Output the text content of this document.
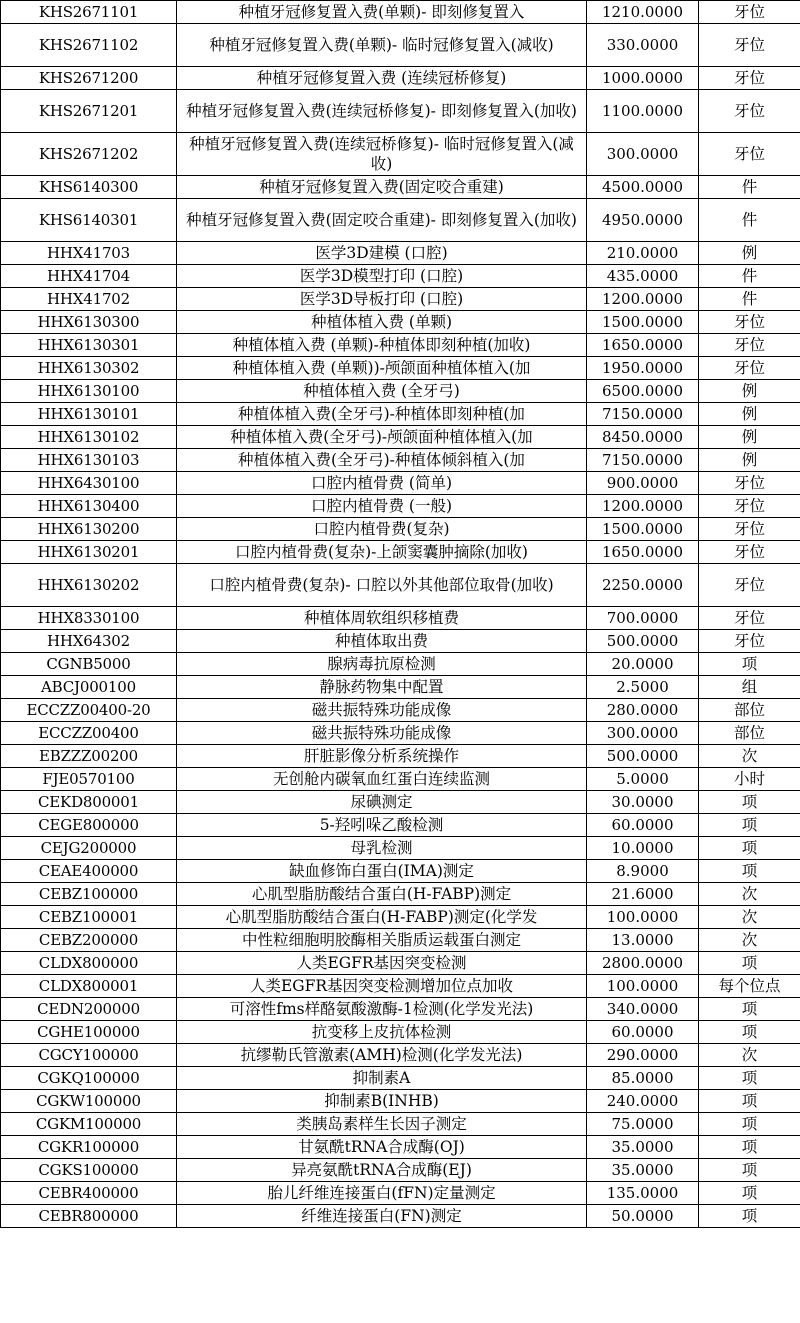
KHS2671101	种植牙冠修复置入费(单颗)- 即刻修复置入	1210.0000	牙位
KHS2671102	种植牙冠修复置入费(单颗)- 临时冠修复置入(减收)	330.0000	牙位
KHS2671200	种植牙冠修复置入费 (连续冠桥修复)	1000.0000	牙位
KHS2671201	种植牙冠修复置入费(连续冠桥修复)- 即刻修复置入(加收)	1100.0000	牙位
KHS2671202	种植牙冠修复置入费(连续冠桥修复)- 临时冠修复置入(减收)	300.0000	牙位
KHS6140300	种植牙冠修复置入费(固定咬合重建)	4500.0000	件
KHS6140301	种植牙冠修复置入费(固定咬合重建)- 即刻修复置入(加收)	4950.0000	件
HHX41703	医学3D建模 (口腔)	210.0000	例
HHX41704	医学3D模型打印 (口腔)	435.0000	件
HHX41702	医学3D导板打印 (口腔)	1200.0000	件
HHX6130300	种植体植入费 (单颗)	1500.0000	牙位
HHX6130301	种植体植入费 (单颗)-种植体即刻种植(加收)	1650.0000	牙位
HHX6130302	种植体植入费 (单颗))-颅颌面种植体植入(加	1950.0000	牙位
HHX6130100	种植体植入费 (全牙弓)	6500.0000	例
HHX6130101	种植体植入费(全牙弓)-种植体即刻种植(加	7150.0000	例
HHX6130102	种植体植入费(全牙弓)-颅颌面种植体植入(加	8450.0000	例
HHX6130103	种植体植入费(全牙弓)-种植体倾斜植入(加	7150.0000	例
HHX6430100	口腔内植骨费 (简单)	900.0000	牙位
HHX6130400	口腔内植骨费 (一般)	1200.0000	牙位
HHX6130200	口腔内植骨费(复杂)	1500.0000	牙位
HHX6130201	口腔内植骨费(复杂)-上颌窦囊肿摘除(加收)	1650.0000	牙位
HHX6130202	口腔内植骨费(复杂)- 口腔以外其他部位取骨(加收)	2250.0000	牙位
HHX8330100	种植体周软组织移植费	700.0000	牙位
HHX64302	种植体取出费	500.0000	牙位
CGNB5000	腺病毒抗原检测	20.0000	项
ABCJ000100	静脉药物集中配置	2.5000	组
ECCZZ00400-20	磁共振特殊功能成像	280.0000	部位
ECCZZ00400	磁共振特殊功能成像	300.0000	部位
EBZZZ00200	肝脏影像分析系统操作	500.0000	次
FJE0570100	无创舱内碳氧血红蛋白连续监测	5.0000	小时
CEKD800001	尿碘测定	30.0000	项
CEGE800000	5-羟吲哚乙酸检测	60.0000	项
CEJG200000	母乳检测	10.0000	项
CEAE400000	缺血修饰白蛋白(IMA)测定	8.9000	项
CEBZ100000	心肌型脂肪酸结合蛋白(H-FABP)测定	21.6000	次
CEBZ100001	心肌型脂肪酸结合蛋白(H-FABP)测定(化学发	100.0000	次
CEBZ200000	中性粒细胞明胶酶相关脂质运载蛋白测定	13.0000	次
CLDX800000	人类EGFR基因突变检测	2800.0000	项
CLDX800001	人类EGFR基因突变检测增加位点加收	100.0000	每个位点
CEDN200000	可溶性fms样酪氨酸激酶-1检测(化学发光法)	340.0000	项
CGHE100000	抗变移上皮抗体检测	60.0000	项
CGCY100000	抗缪勒氏管激素(AMH)检测(化学发光法)	290.0000	次
CGKQ100000	抑制素A	85.0000	项
CGKW100000	抑制素B(INHB)	240.0000	项
CGKM100000	类胰岛素样生长因子测定	75.0000	项
CGKR100000	甘氨酰tRNA合成酶(OJ)	35.0000	项
CGKS100000	异亮氨酰tRNA合成酶(EJ)	35.0000	项
CEBR400000	胎儿纤维连接蛋白(fFN)定量测定	135.0000	项
CEBR800000	纤维连接蛋白(FN)测定	50.0000	项
